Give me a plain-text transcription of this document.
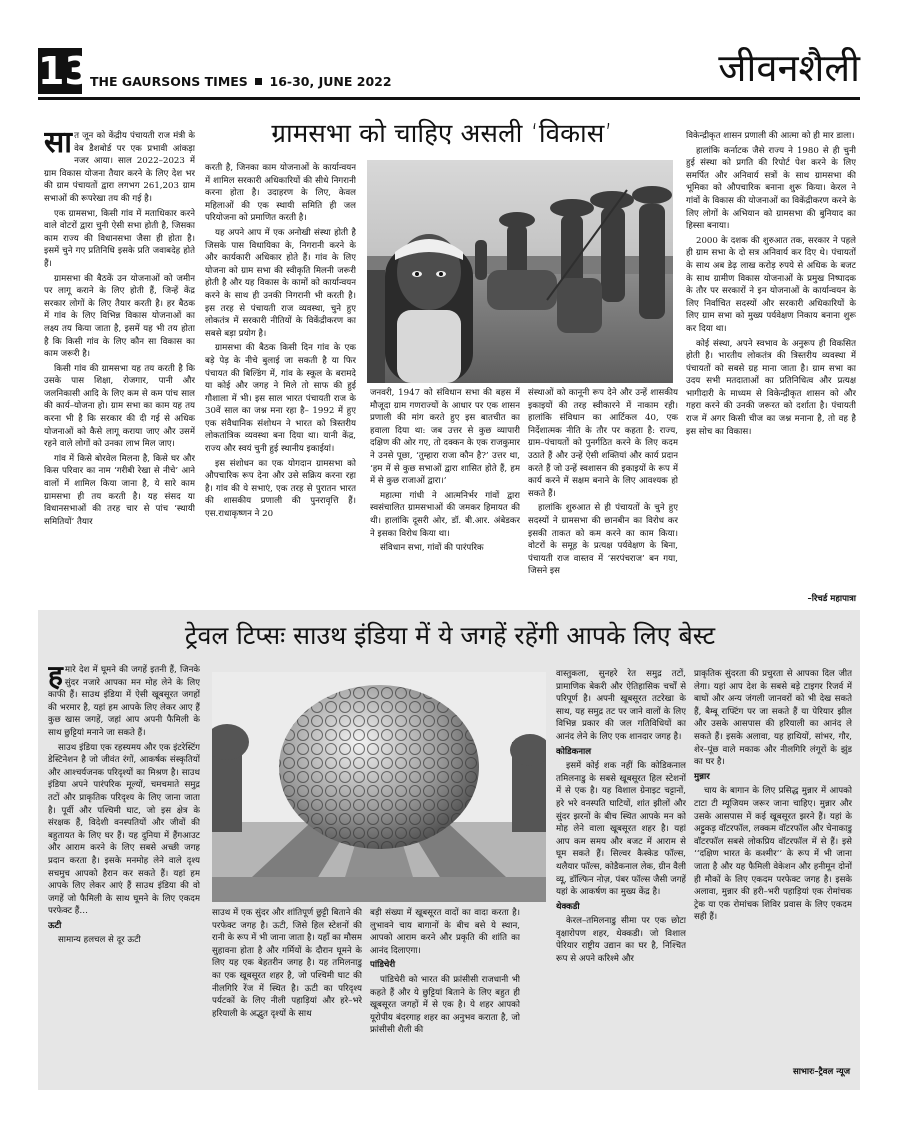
13 THE GAURSONS TIMES 16-30, JUNE 2022	जीवनशैली
ग्रामसभा को चाहिए असली ‘विकास’

सात जून को केंद्रीय पंचायती राज मंत्री के वेब डैशबोर्ड पर एक प्रभावी आंकड़ा नजर आया। साल 2022–2023 में ग्राम विकास योजना तैयार करने के लिए देश भर की ग्राम पंचायतों द्वारा लगभग 261,203 ग्राम सभाओं की रूपरेखा तय की गई है।

एक ग्रामसभा, किसी गांव में मताधिकार करने वाले वोटरों द्वारा चुनी ऐसी सभा होती है, जिसका काम राज्य की विधानसभा जैसा ही होता है। इसमें चुने गए प्रतिनिधि इसके प्रति जवाबदेह होते हैं।

ग्रामसभा की बैठकें उन योजनाओं को जमीन पर लागू कराने के लिए होती हैं, जिन्हें केंद्र सरकार लोगों के लिए तैयार करती है। हर बैठक में गांव के लिए विभिन्न विकास योजनाओं का लक्ष्य तय किया जाता है, इसमें यह भी तय होता है कि किसी गांव के लिए कौन सा विकास का काम जरूरी है।

किसी गांव की ग्रामसभा यह तय करती है कि उसके पास शिक्षा, रोजगार, पानी और जलनिकासी आदि के लिए कम से कम पांच साल की कार्य–योजना हो। ग्राम सभा का काम यह तय करना भी है कि सरकार की दी गई से अधिक योजनाओं को कैसे लागू कराया जाए और उसमें रहने वाले लोगों को उनका लाभ मिल जाए।

गांव में किसे बोरवेल मिलना है, किसे घर और किस परिवार का नाम ‘गरीबी रेखा से नीचे’ आने वालों में शामिल किया जाना है, ये सारे काम ग्रामसभा ही तय करती है। यह संसद या विधानसभाओं की तरह चार से पांच ‘स्थायी समितियों’ तैयार

करती है, जिनका काम योजनाओं के कार्यान्वयन में शामिल सरकारी अधिकारियों की सीधे निगरानी करना होता है। उदाहरण के लिए, केवल महिलाओं की एक स्थायी समिति ही जल परियोजना को प्रमाणित करती है।

यह अपने आप में एक अनोखी संस्था होती है जिसके पास विधायिका के, निगरानी करने के और कार्यकारी अधिकार होते हैं। गांव के लिए योजना को ग्राम सभा की स्वीकृति मिलनी जरूरी होती है और यह विकास के कामों को कार्यान्वयन करने के साथ ही उनकी निगरानी भी करती है। इस तरह से पंचायती राज व्यवस्था, चुने हुए लोकतंत्र में सरकारी नीतियों के विकेंद्रीकरण का सबसे बड़ा प्रयोग है।

ग्रामसभा की बैठक किसी दिन गांव के एक बड़े पेड़ के नीचे बुलाई जा सकती है या फिर पंचायत की बिल्डिंग में, गांव के स्कूल के बरामदे या कोई और जगह ने मिले तो साफ की हुई गौशाला में भी। इस साल भारत पंचायती राज के 30वें साल का जश्न मना रहा है– 1992 में हुए एक संवैधानिक संशोधन ने भारत को त्रिस्तरीय लोकतांत्रिक व्यवस्था बना दिया था। यानी केंद्र, राज्य और स्वयं चुनी हुई स्थानीय इकाईयां।

इस संशोधन का एक योगदान ग्रामसभा को औपचारिक रूप देना और उसे सक्रिय करना रहा है। गांव की ये सभाएं, एक तरह से पुरातन भारत की शासकीय प्रणाली की पुनरावृत्ति हैं। एस.राधाकृष्णन ने 20

जनवरी, 1947 को संविधान सभा की बहस में मौजूदा ग्राम गणराज्यों के आधार पर एक शासन प्रणाली की मांग करते हुए इस बातचीत का हवाला दिया था: जब उत्तर से कुछ व्यापारी दक्षिण की ओर गए, तो दक्कन के एक राजकुमार ने उनसे पूछा, ‘तुम्हारा राजा कौन है?’ उत्तर था, ‘हम में से कुछ सभाओं द्वारा शासित होते हैं, हम में से कुछ राजाओं द्वारा।’

महात्मा गांधी ने आत्मनिर्भर गांवों द्वारा स्वसंचालित ग्रामसभाओं की जमकर हिमायत की थी। हालांकि दूसरी ओर, डॉ. बी.आर. अंबेडकर ने इसका विरोध किया था।

संविधान सभा, गांवों की पारंपरिक

संस्थाओं को कानूनी रूप देने और उन्हें शासकीय इकाइयों की तरह स्वीकारने में नाकाम रही। हालांकि संविधान का आर्टिकल 40, एक निर्देशात्मक नीति के तौर पर कहता है: राज्य, ग्राम–पंचायतों को पुनर्गठित करने के लिए कदम उठाते हैं और उन्हें ऐसी शक्तियां और कार्य प्रदान करते हैं जो उन्हें स्वशासन की इकाइयों के रूप में कार्य करने में सक्षम बनाने के लिए आवश्यक हो सकते हैं।

हालांकि शुरुआत से ही पंचायतों के चुने हुए सदस्यों ने ग्रामसभा की छानबीन का विरोध कर इसकी ताकत को कम करने का काम किया। वोटरों के समूह के प्रत्यक्ष पर्यवेक्षण के बिना, पंचायती राज वास्तव में ‘सरपंचराज’ बन गया, जिसने इस

विकेन्द्रीकृत शासन प्रणाली की आत्मा को ही मार डाला।

हालांकि कर्नाटक जैसे राज्य ने 1980 से ही चुनी हुई संस्था को प्रगति की रिपोर्ट पेश करने के लिए समर्पित और अनिवार्य सत्रों के साथ ग्रामसभा की भूमिका को औपचारिक बनाना शुरू किया। केरल ने गांवों के विकास की योजनाओं का विकेंद्रीकरण करने के लिए लोगों के अभियान को ग्रामसभा की बुनियाद का हिस्सा बनाया।

2000 के दशक की शुरुआत तक, सरकार ने पहले ही ग्राम सभा के दो सत्र अनिवार्य कर दिए थे। पंचायतों के साथ अब डेढ़ लाख करोड़ रुपये से अधिक के बजट के साथ ग्रामीण विकास योजनाओं के प्रमुख निष्पादक के तौर पर सरकारों ने इन योजनाओं के कार्यान्वयन के लिए निर्वाचित सदस्यों और सरकारी अधिकारियों के लिए ग्राम सभा को मुख्य पर्यवेक्षण निकाय बनाना शुरू कर दिया था।

कोई संस्था, अपने स्वभाव के अनुरूप ही विकसित होती है। भारतीय लोकतंत्र की त्रिस्तरीय व्यवस्था में पंचायतों को सबसे ग्रह माना जाता है। ग्राम सभा का उदय सभी मतदाताओं का प्रतिनिधित्व और प्रत्यक्ष भागीदारी के माध्यम से विकेन्द्रीकृत शासन को और गहरा करने की उनकी जरूरत को दर्शाता है। पंचायती राज में अगर किसी चीज का जश्न मनाना है, तो वह है इस सोच का विकास।

–रिचर्ड महापात्रा
ट्रेवल टिप्सः साउथ इंडिया में ये जगहें रहेंगी आपके लिए बेस्ट

हमारे देश में घूमने की जगहें इतनी हैं, जिनके सुंदर नजारे आपका मन मोह लेने के लिए काफी हैं। साउथ इंडिया में ऐसी खूबसूरत जगहों की भरमार है, यहां हम आपके लिए लेकर आए हैं कुछ खास जगहें, जहां आप अपनी फैमिली के साथ छुट्टियां मनाने जा सकते हैं।

साउथ इंडिया एक रहस्यमय और एक इंटरेस्टिंग डेस्टिनेशन है जो जीवंत रंगों, आकर्षक संस्कृतियों और आश्चर्यजनक परिदृश्यों का मिश्रण है। साउथ इंडिया अपने पारंपरिक मूल्यों, चमचमाते समुद्र तटों और प्राकृतिक परिदृश्य के लिए जाना जाता है। पूर्वी और पश्चिमी घाट, जो इस क्षेत्र के संरक्षक हैं, विदेशी वनस्पतियों और जीवों की बहुतायत के लिए घर हैं। यह दुनिया में हैंगआउट और आराम करने के लिए सबसे अच्छी जगह प्रदान करता है। इसके मनमोह लेने वाले दृश्य सचमुच आपको हैरान कर सकते हैं। यहां हम आपके लिए लेकर आएं हैं साउथ इंडिया की वो जगहें जो फैमिली के साथ घूमने के लिए एकदम परफेक्ट हैं…

ऊटी

सामान्य हलचल से दूर ऊटी

साउथ में एक सुंदर और शांतिपूर्ण छुट्टी बिताने की परफेक्ट जगह है। ऊटी, जिसे हिल स्टेशनों की रानी के रूप में भी जाना जाता है। यहाँ का मौसम सुहावना होता है और गर्मियों के दौरान घूमने के लिए यह एक बेहतरीन जगह है। यह तमिलनाडु का एक खूबसूरत शहर है, जो पश्चिमी घाट की नीलगिरि रेंज में स्थित है। ऊटी का परिदृश्य पर्यटकों के लिए नीली पहाड़ियां और हरे–भरे हरियाली के अद्भुत दृश्यों के साथ

बड़ी संख्या में खूबसूरत वादों का वादा करता है। लुभावने चाय बागानों के बीच बसे ये स्थान, आपको आराम करने और प्रकृति की शांति का आनंद दिलाएगा।

पांडिचेरी

पांडिचेरी को भारत की फ्रांसीसी राजधानी भी कहते हैं और ये छुट्टियां बिताने के लिए बहुत ही खूबसूरत जगहों में से एक है। ये शहर आपको यूरोपीय बंदरगाह शहर का अनुभव कराता है, जो फ्रांसीसी शैली की

वास्तुकला, सुनहरे रेत समुद्र तटों, प्रामाणिक बेकरी और ऐतिहासिक चर्चों से परिपूर्ण है। अपनी खूबसूरत तटरेखा के साथ, यह समुद्र तट पर जाने वालों के लिए विभिन्न प्रकार की जल गतिविधियों का आनंद लेने के लिए एक शानदार जगह है।

कोडिकनाल

इसमें कोई शक नहीं कि कोडिकनाल तमिलनाडु के सबसे खूबसूरत हिल स्टेशनों में से एक है। यह विशाल ग्रेनाइट चट्टानों, हरे भरे वनस्पति घाटियों, शांत झीलों और सुंदर झरनों के बीच स्थित आपके मन को मोह लेने वाला खूबसूरत शहर है। यहां आप कम समय और बजट में आराम से घूम सकते हैं। सिल्वर कैस्केड फॉल्स, थलैयार फॉल्स, कोडैकनाल लेक, ग्रीन वैली व्यू, डॉल्फिन नोज़, पंबर फॉल्स जैसी जगहें यहां के आकर्षण का मुख्य केंद्र है।

थेक्कडी

केरल–तमिलनाडु सीमा पर एक छोटा वृक्षारोपण शहर, थेक्कडी। जो विशाल पेरियार राष्ट्रीय उद्यान का घर है, निश्चित रूप से अपने करिश्मे और

प्राकृतिक सुंदरता की प्रचुरता से आपका दिल जीत लेगा। यहां आप देश के सबसे बड़े टाइगर रिजर्व में बाघों और अन्य जंगली जानवरों को भी देख सकते हैं, बैम्बू राफ्टिंग पर जा सकते हैं या पेरियार झील और उसके आसपास की हरियाली का आनंद ले सकते हैं। इसके अलावा, यह हाथियों, सांभर, गौर, शेर–पूंछ वाले मकाक और नीलगिरि लंगूरों के झुंड का घर है।

मुन्नार

चाय के बागान के लिए प्रसिद्ध मुन्नार में आपको टाटा टी म्यूजियम जरूर जाना चाहिए। मुन्नार और उसके आसपास में कई खूबसूरत झरने हैं। यहां के अट्टुकड़ वॉटरफॉल, लक्कम वॉटरफॉल और चेनाकाडु वॉटरफॉल सबसे लोकप्रिय वॉटरफॉल में से हैं। इसे ‘‘दक्षिण भारत के कश्मीर’’ के रूप में भी जाना जाता है और यह फैमिली वेकेशन और हनीमून दोनों ही मौकों के लिए एकदम परफेक्ट जगह है। इसके अलावा, मुन्नार की हरी–भरी पहाड़ियां एक रोमांचक ट्रेक या एक रोमांचक शिविर प्रवास के लिए एकदम सही हैं।

साभारः–ट्रैवल न्यूज
